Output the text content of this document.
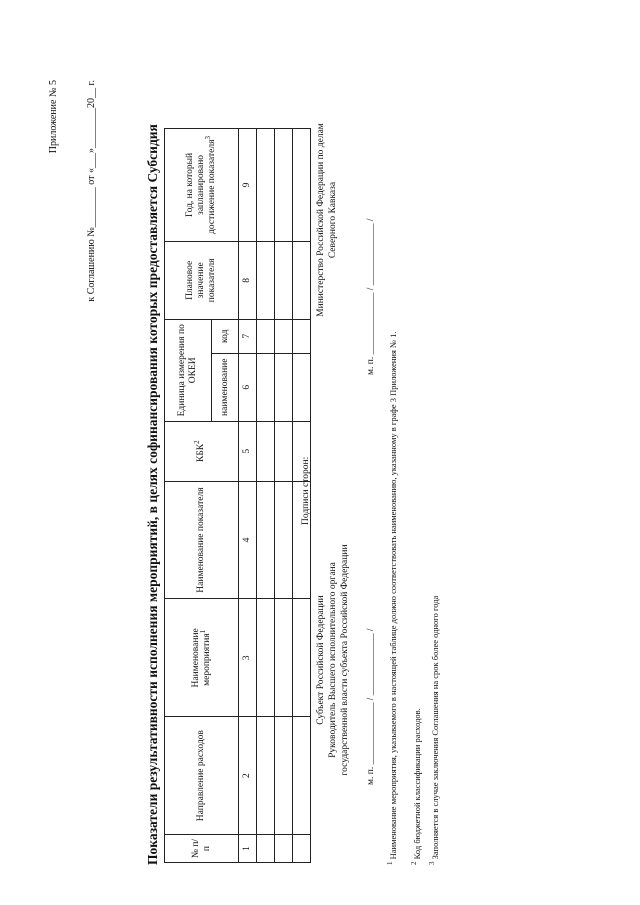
Приложение № 5
к Соглашению №________ от «___»________20__ г.	Показатели результативности исполнения мероприятий, в целях софинансирования которых предоставляется Субсидия	№ п/п	Направление расходов	Наименование мероприятия$^1$	Наименование показателя	КБК$^2$	Единица измерения по ОКЕИ		Плановое значение показателя	Год, на который запланировано достижение показателя$^3$
					наименование	код		
1	2	3	4	5	6	7	8	9

Подписи сторон:
Субъект Российской Федерации Руководитель Высшего исполнительного органа государственной власти субъекта Российской Федерации
м. п. _____________ / _____________ /
Министерство Российской Федерации по делам Северного Кавказа
м. п. _____________ / _____________ /
$^1$ Наименование мероприятия, указываемого в настоящей таблице должно соответствовать наименованию, указанному в графе 3 Приложения № 1.
$^2$ Код бюджетной классификации расходов.
$^3$ Заполняется в случае заключения Соглашения на срок более одного года
